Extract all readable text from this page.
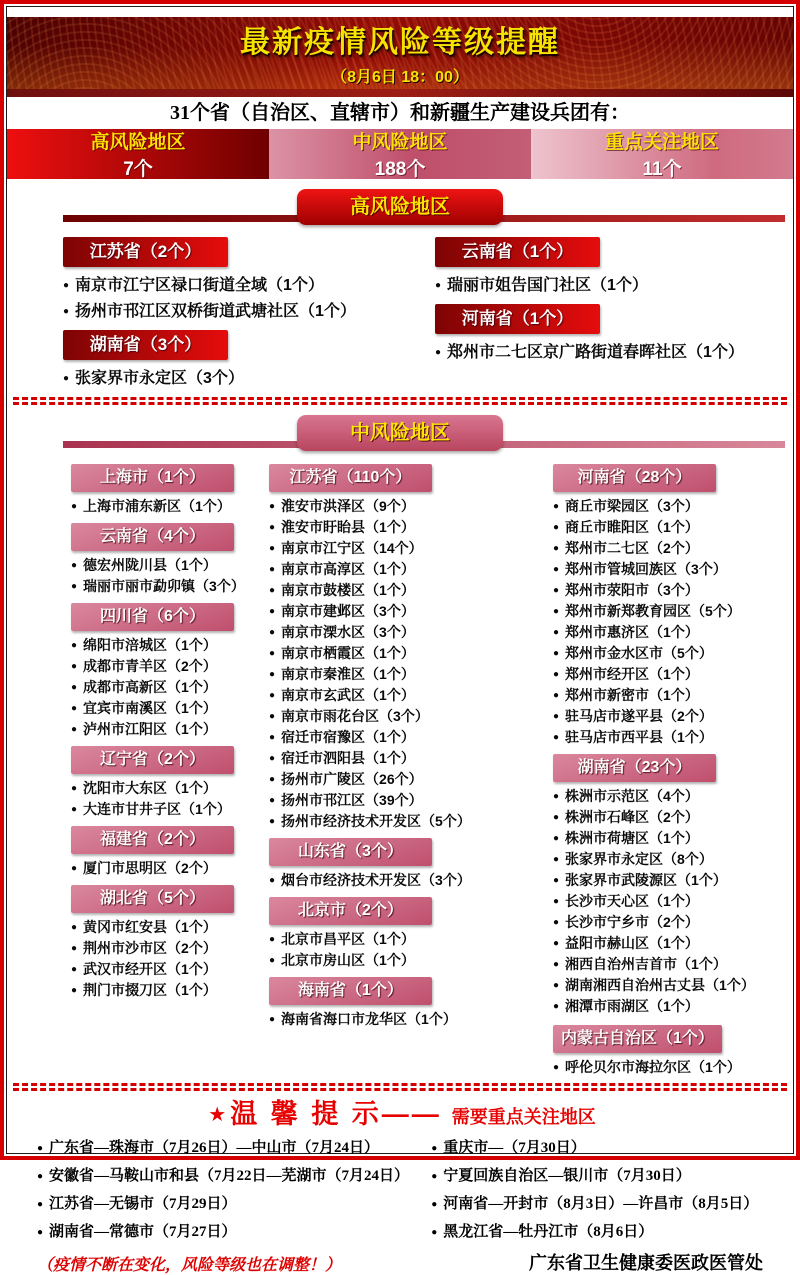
最新疫情风险等级提醒
（8月6日 18：00）
31个省（自治区、直辖市）和新疆生产建设兵团有：
高风险地区
7个
中风险地区
188个
重点关注地区
11个
高风险地区
江苏省（2个）
● 南京市江宁区禄口街道全域（1个）
● 扬州市邗江区双桥街道武塘社区（1个）
湖南省（3个）
● 张家界市永定区（3个）
云南省（1个）
● 瑞丽市姐告国门社区（1个）
河南省（1个）
● 郑州市二七区京广路街道春晖社区（1个）
中风险地区
上海市（1个）
● 上海市浦东新区（1个）
云南省（4个）
● 德宏州陇川县（1个）
● 瑞丽市丽市勐卯镇（3个）
四川省（6个）
● 绵阳市涪城区（1个）
● 成都市青羊区（2个）
● 成都市高新区（1个）
● 宜宾市南溪区（1个）
● 泸州市江阳区（1个）
辽宁省（2个）
● 沈阳市大东区（1个）
● 大连市甘井子区（1个）
福建省（2个）
● 厦门市思明区（2个）
湖北省（5个）
● 黄冈市红安县（1个）
● 荆州市沙市区（2个）
● 武汉市经开区（1个）
● 荆门市掇刀区（1个）
江苏省（110个）
● 淮安市洪泽区（9个）
● 淮安市盱眙县（1个）
● 南京市江宁区（14个）
● 南京市高淳区（1个）
● 南京市鼓楼区（1个）
● 南京市建邺区（3个）
● 南京市溧水区（3个）
● 南京市栖霞区（1个）
● 南京市秦淮区（1个）
● 南京市玄武区（1个）
● 南京市雨花台区（3个）
● 宿迁市宿豫区（1个）
● 宿迁市泗阳县（1个）
● 扬州市广陵区（26个）
● 扬州市邗江区（39个）
● 扬州市经济技术开发区（5个）
山东省（3个）
● 烟台市经济技术开发区（3个）
北京市（2个）
● 北京市昌平区（1个）
● 北京市房山区（1个）
海南省（1个）
● 海南省海口市龙华区（1个）
河南省（28个）
● 商丘市梁园区（3个）
● 商丘市睢阳区（1个）
● 郑州市二七区（2个）
● 郑州市管城回族区（3个）
● 郑州市荥阳市（3个）
● 郑州市新郑教育园区（5个）
● 郑州市惠济区（1个）
● 郑州市金水区市（5个）
● 郑州市经开区（1个）
● 郑州市新密市（1个）
● 驻马店市遂平县（2个）
● 驻马店市西平县（1个）
湖南省（23个）
● 株洲市示范区（4个）
● 株洲市石峰区（2个）
● 株洲市荷塘区（1个）
● 张家界市永定区（8个）
● 张家界市武陵源区（1个）
● 长沙市天心区（1个）
● 长沙市宁乡市（2个）
● 益阳市赫山区（1个）
● 湘西自治州吉首市（1个）
● 湖南湘西自治州古丈县（1个）
● 湘潭市雨湖区（1个）
内蒙古自治区（1个）
● 呼伦贝尔市海拉尔区（1个）
★ 温 馨 提 示—— 需要重点关注地区
● 广东省—珠海市（7月26日）—中山市（7月24日）
● 安徽省—马鞍山市和县（7月22日—芜湖市（7月24日）
● 江苏省—无锡市（7月29日）
● 湖南省—常德市（7月27日）
● 重庆市—（7月30日）
● 宁夏回族自治区—银川市（7月30日）
● 河南省—开封市（8月3日）—许昌市（8月5日）
● 黑龙江省—牡丹江市（8月6日）
（疫情不断在变化，风险等级也在调整！）	广东省卫生健康委医政医管处
